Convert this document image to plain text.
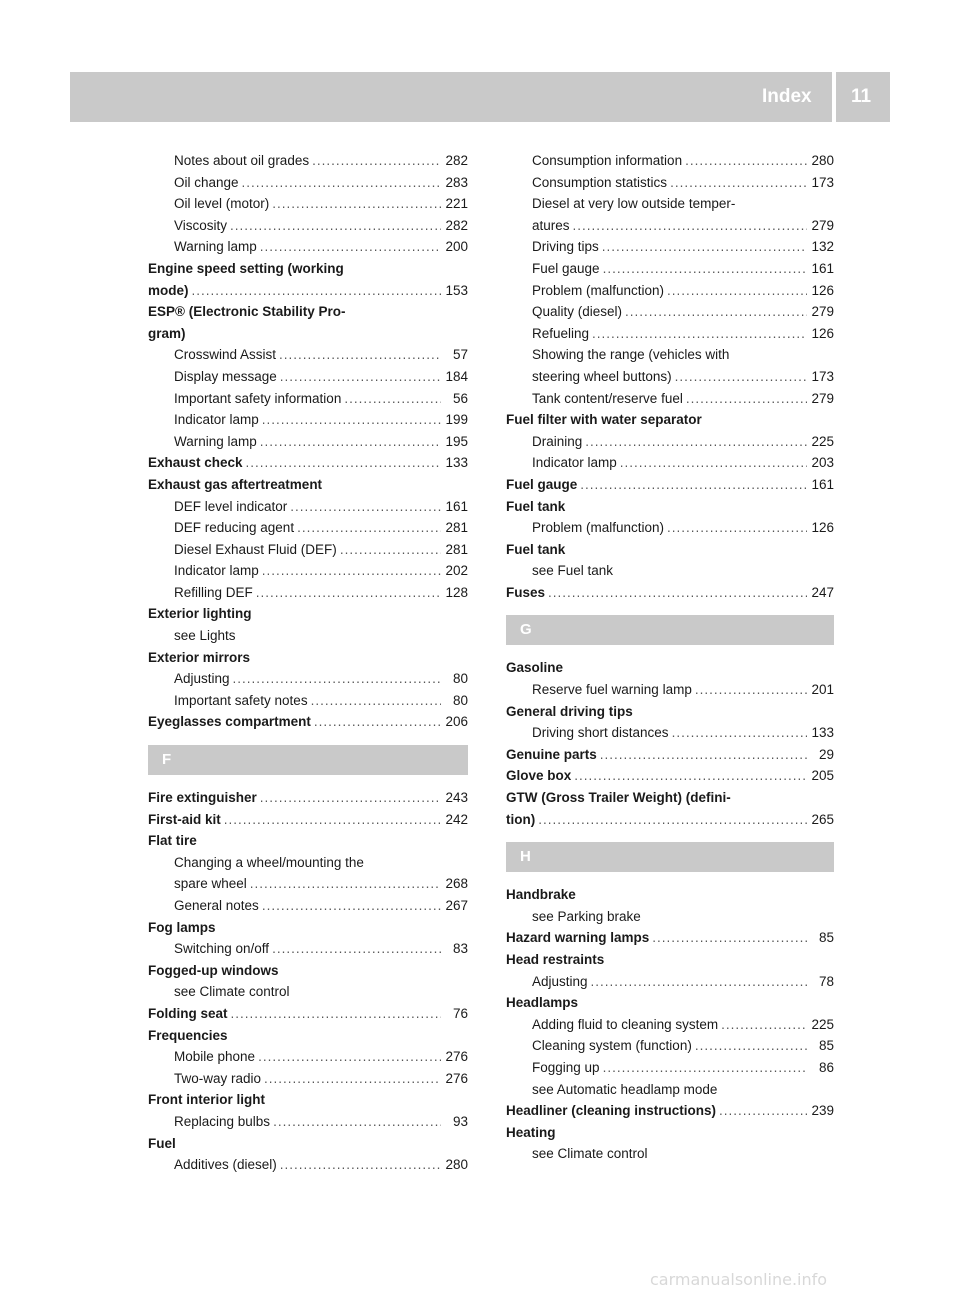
Index 11
Notes about oil grades .....	282
Oil change .....	283
Oil level (motor) .....	221
Viscosity .....	282
Warning lamp .....	200
Engine speed setting (working
mode) .....	153
ESP® (Electronic Stability Pro-
gram)
Crosswind Assist .....	57
Display message .....	184
Important safety information .....	56
Indicator lamp .....	199
Warning lamp .....	195
Exhaust check .....	133
Exhaust gas aftertreatment
DEF level indicator .....	161
DEF reducing agent .....	281
Diesel Exhaust Fluid (DEF) .....	281
Indicator lamp .....	202
Refilling DEF .....	128
Exterior lighting
see Lights
Exterior mirrors
Adjusting .....	80
Important safety notes .....	80
Eyeglasses compartment .....	206
F
Fire extinguisher .....	243
First-aid kit .....	242
Flat tire
Changing a wheel/mounting the
spare wheel .....	268
General notes .....	267
Fog lamps
Switching on/off .....	83
Fogged-up windows
see Climate control
Folding seat .....	76
Frequencies
Mobile phone .....	276
Two-way radio .....	276
Front interior light
Replacing bulbs .....	93
Fuel
Additives (diesel) .....	280
Consumption information .....	280
Consumption statistics .....	173
Diesel at very low outside temper-
atures .....	279
Driving tips .....	132
Fuel gauge .....	161
Problem (malfunction) .....	126
Quality (diesel) .....	279
Refueling .....	126
Showing the range (vehicles with
steering wheel buttons) .....	173
Tank content/reserve fuel .....	279
Fuel filter with water separator
Draining .....	225
Indicator lamp .....	203
Fuel gauge .....	161
Fuel tank
Problem (malfunction) .....	126
Fuel tank
see Fuel tank
Fuses .....	247
G
Gasoline
Reserve fuel warning lamp .....	201
General driving tips
Driving short distances .....	133
Genuine parts .....	29
Glove box .....	205
GTW (Gross Trailer Weight) (defini-
tion) .....	265
H
Handbrake
see Parking brake
Hazard warning lamps .....	85
Head restraints
Adjusting .....	78
Headlamps
Adding fluid to cleaning system .....	225
Cleaning system (function) .....	85
Fogging up .....	86
see Automatic headlamp mode
Headliner (cleaning instructions) .....	239
Heating
see Climate control
carmanualsonline.info
